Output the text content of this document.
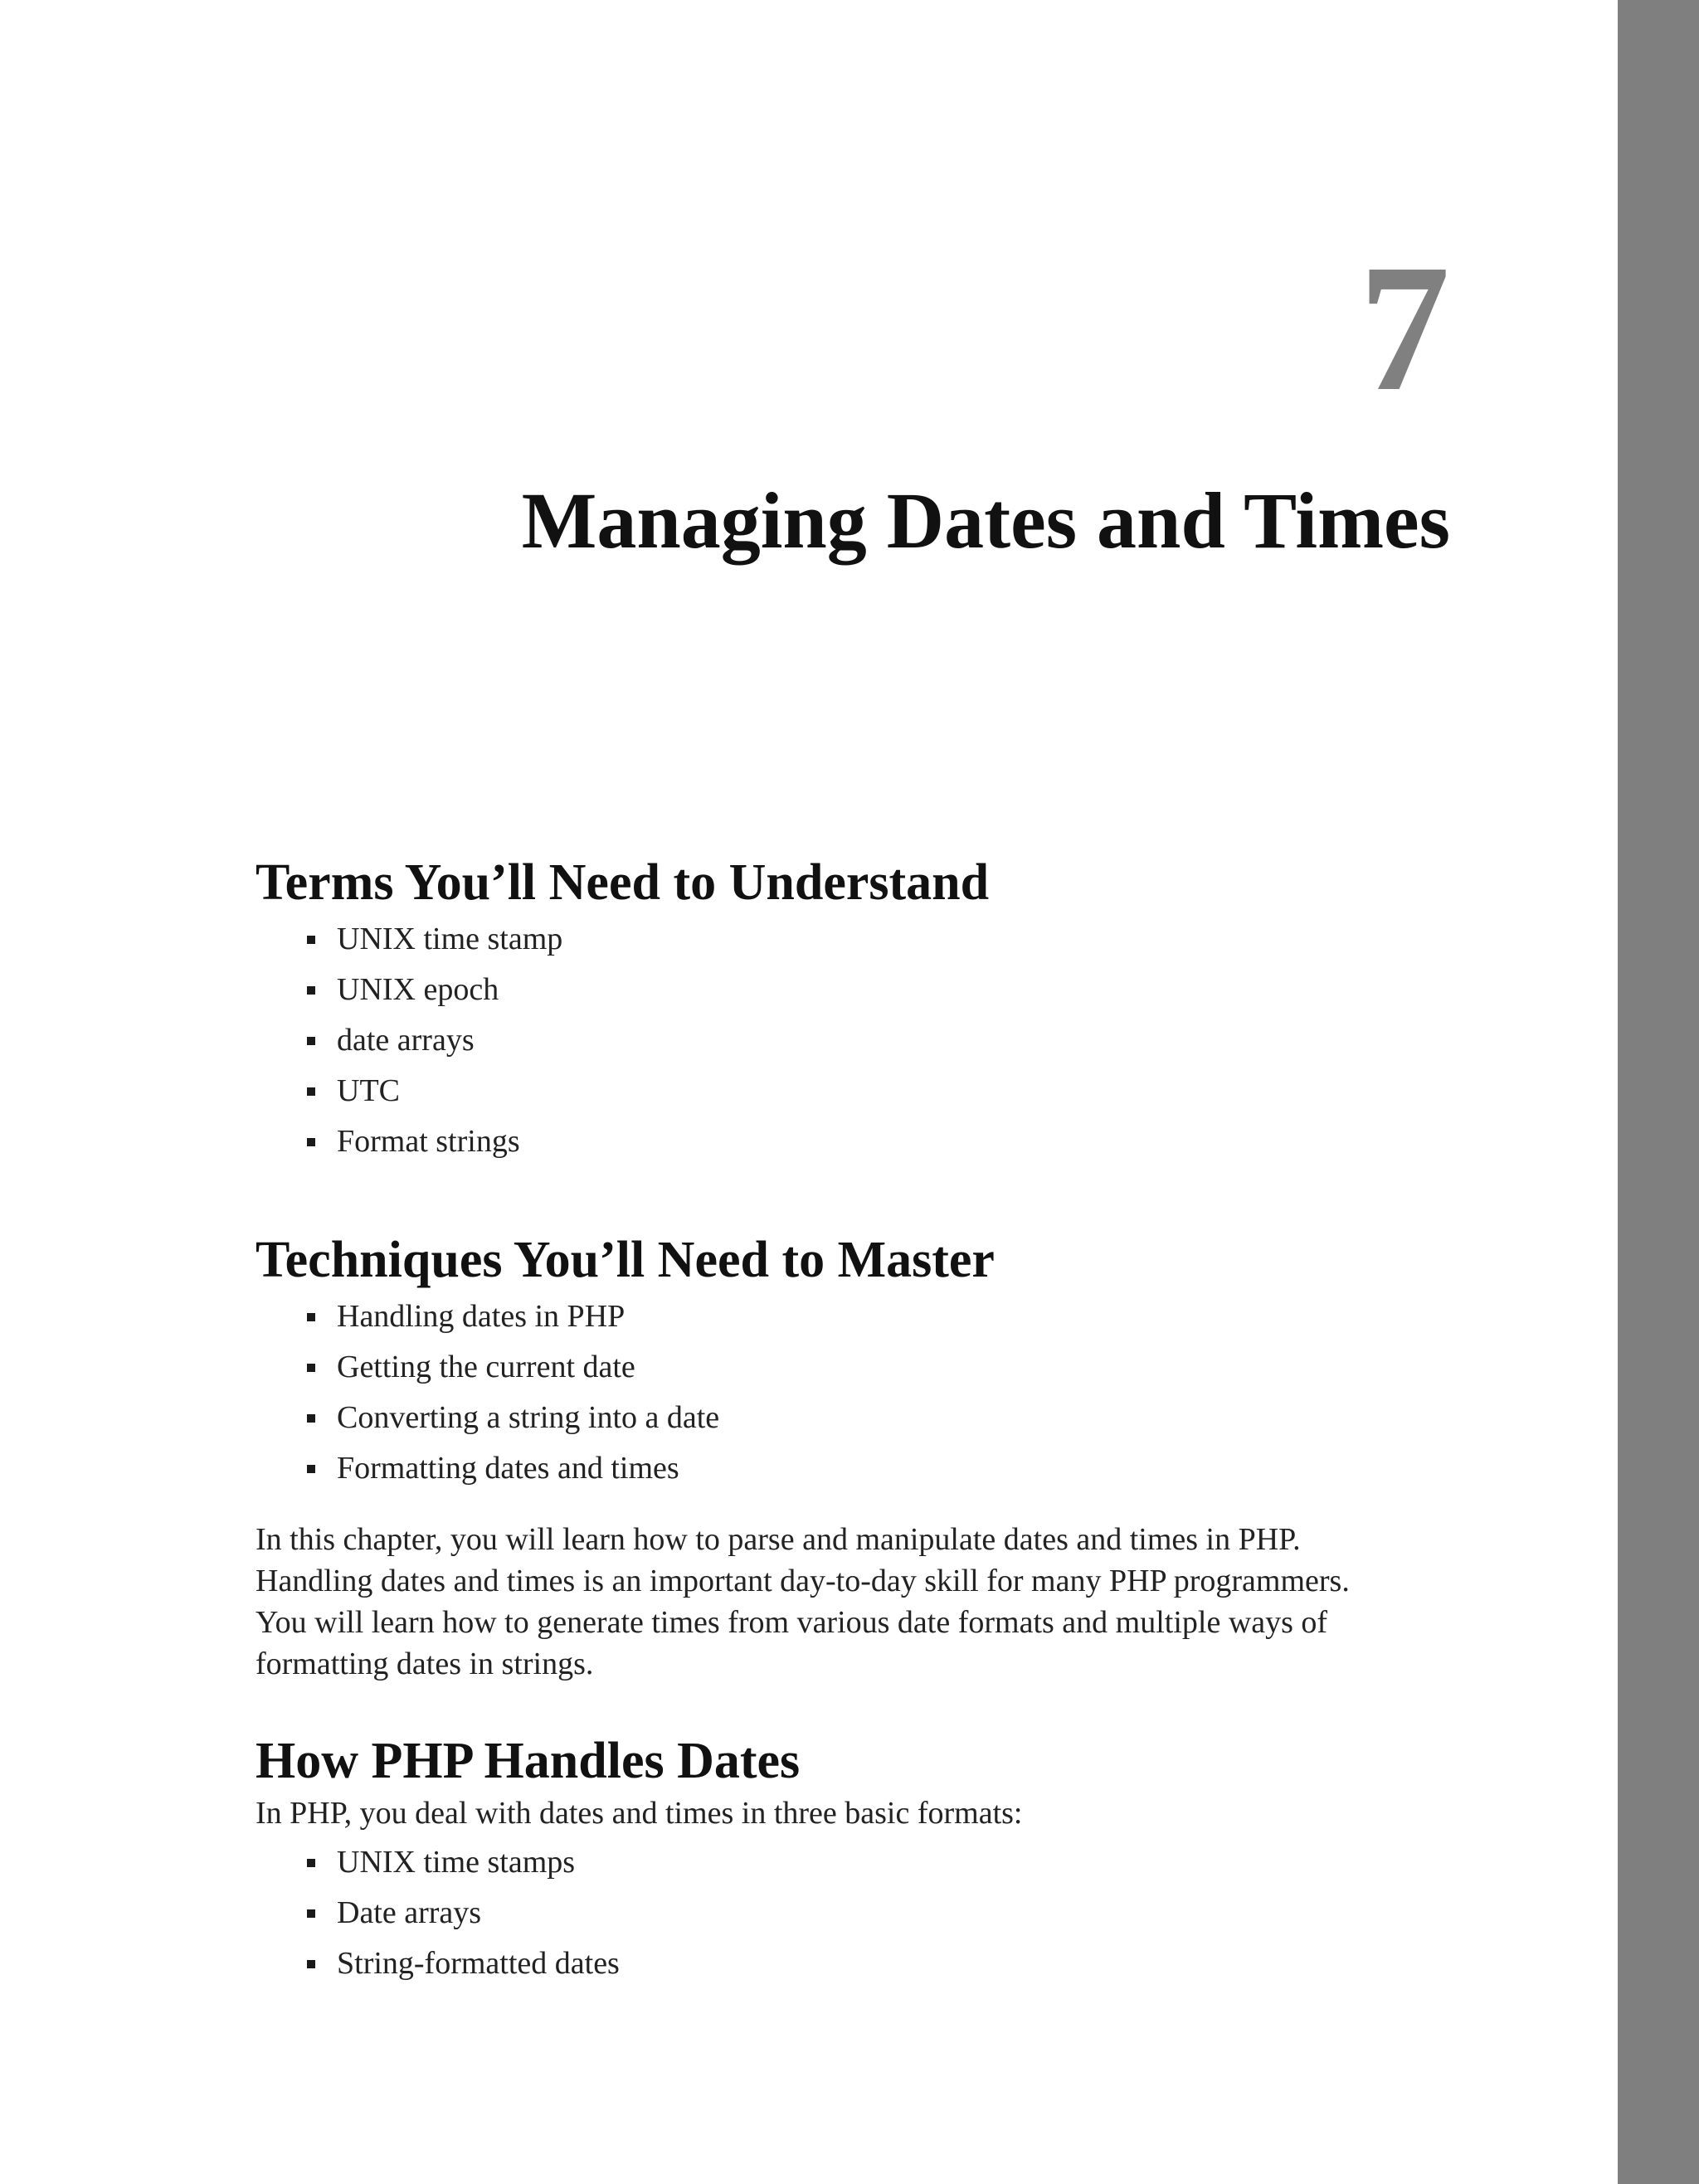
7
Managing Dates and Times
Terms You’ll Need to Understand
UNIX time stamp
UNIX epoch
date arrays
UTC
Format strings
Techniques You’ll Need to Master
Handling dates in PHP
Getting the current date
Converting a string into a date
Formatting dates and times
In this chapter, you will learn how to parse and manipulate dates and times in PHP.
Handling dates and times is an important day-to-day skill for many PHP programmers.
You will learn how to generate times from various date formats and multiple ways of
formatting dates in strings.
How PHP Handles Dates

In PHP, you deal with dates and times in three basic formats:

UNIX time stamps
Date arrays
String-formatted dates
